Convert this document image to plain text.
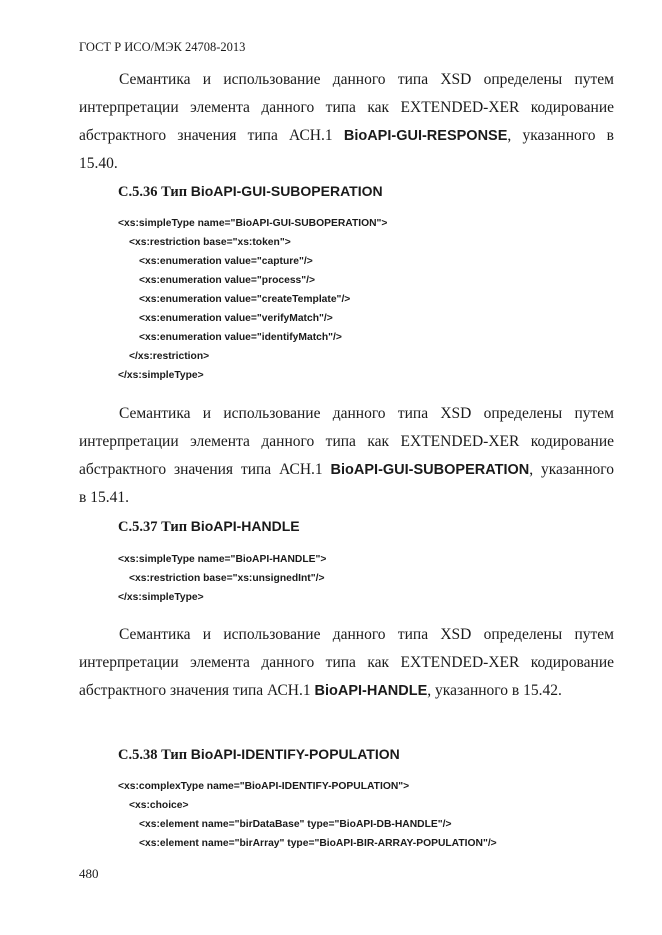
ГОСТ Р ИСО/МЭК 24708-2013
Семантика и использование данного типа XSD определены путем
интерпретации элемента данного типа как EXTENDED-XER кодирование
абстрактного значения типа АСН.1 BioAPI-GUI-RESPONSE, указанного в
15.40.
С.5.36 Тип BioAPI-GUI-SUBOPERATION
<xs:simpleType name="BioAPI-GUI-SUBOPERATION">
<xs:restriction base="xs:token">
<xs:enumeration value="capture"/>
<xs:enumeration value="process"/>
<xs:enumeration value="createTemplate"/>
<xs:enumeration value="verifyMatch"/>
<xs:enumeration value="identifyMatch"/>
</xs:restriction>
</xs:simpleType>
Семантика и использование данного типа XSD определены путем
интерпретации элемента данного типа как EXTENDED-XER кодирование
абстрактного значения типа АСН.1 BioAPI-GUI-SUBOPERATION, указанного
в 15.41.
С.5.37 Тип BioAPI-HANDLE
<xs:simpleType name="BioAPI-HANDLE">
<xs:restriction base="xs:unsignedInt"/>
</xs:simpleType>
Семантика и использование данного типа XSD определены путем
интерпретации элемента данного типа как EXTENDED-XER кодирование
абстрактного значения типа АСН.1 BioAPI-HANDLE, указанного в 15.42.
С.5.38 Тип BioAPI-IDENTIFY-POPULATION
<xs:complexType name="BioAPI-IDENTIFY-POPULATION">
<xs:choice>
<xs:element name="birDataBase" type="BioAPI-DB-HANDLE"/>
<xs:element name="birArray" type="BioAPI-BIR-ARRAY-POPULATION"/>
480
